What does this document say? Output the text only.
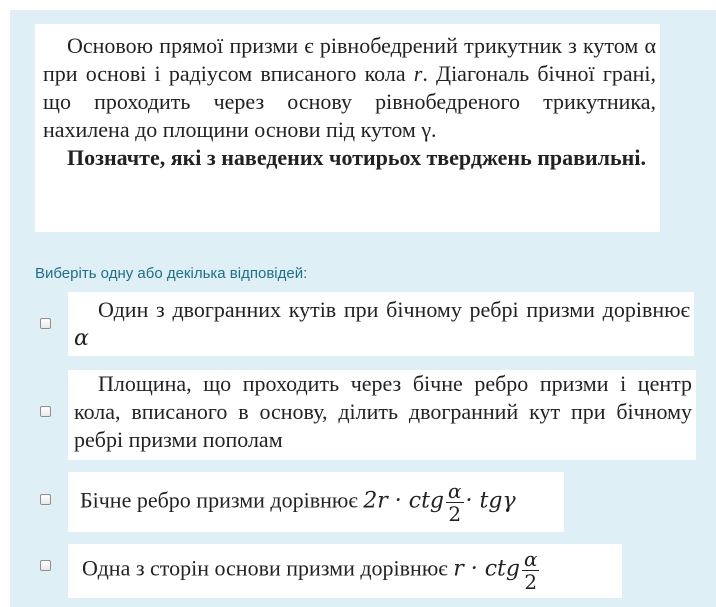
Основою прямої призми є рівнобедрений трикутник з кутом α при основі і радіусом вписаного кола r. Діагональ бічної грані, що проходить через основу рівнобедреного трикутника, нахилена до площини основи під кутом γ.

Позначте, які з наведених чотирьох тверджень правильні.

Виберіть одну або декілька відповідей:
Один з двогранних кутів при бічному ребрі призми дорівнює α
Площина, що проходить через бічне ребро призми і центр кола, вписаного в основу, ділить двогранний кут при бічному ребрі призми пополам
Бічне ребро призми дорівнює 2r · ctg $\frac{\alpha}{2} \cdot tg\gamma$
Одна з сторін основи призми дорівнює r · ctg $\frac{\alpha}{2}$
